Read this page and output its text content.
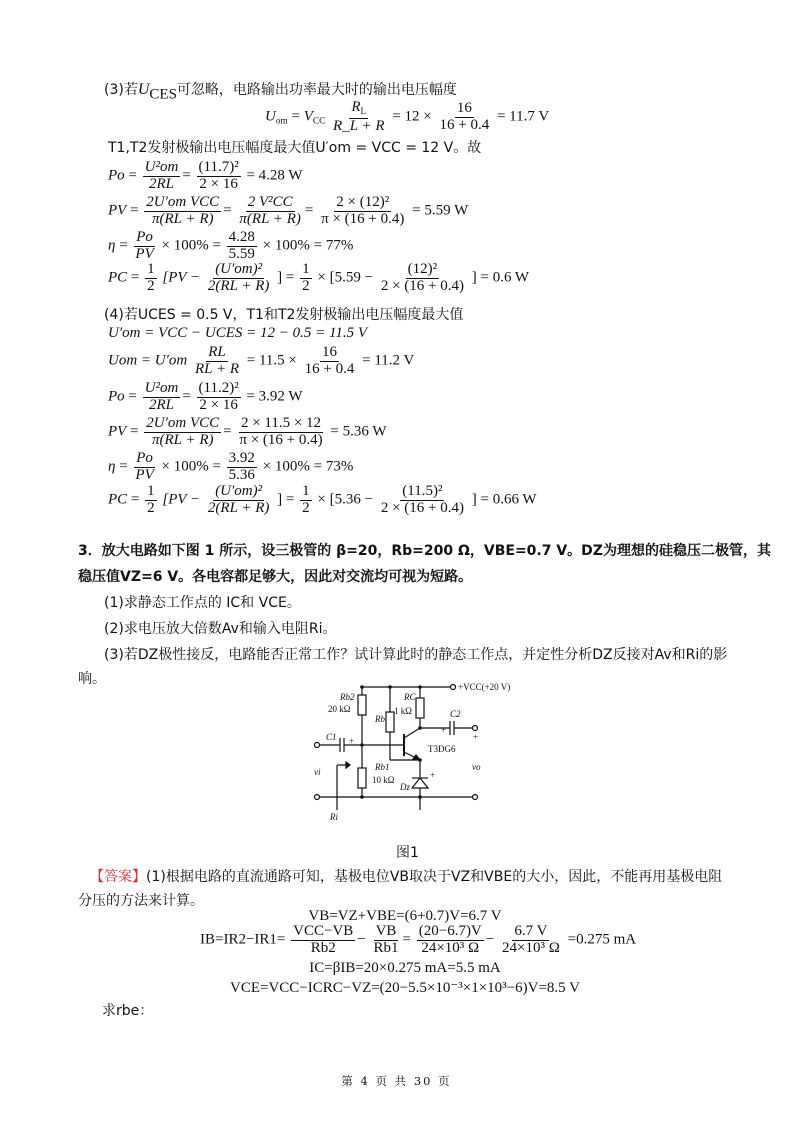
(3)若$U_{CES}$可忽略，电路输出功率最大时的输出电压幅度
$U_{om} = V_{CC} \frac{R_L}{R\_L + R} = 12 \times \frac{16}{16 + 0.4} = 11.7$ V
T1,T2发射极输出电压幅度最大值U′om = VCC = 12 V。故
$Po = \frac{\text{U²om}}{2RL} = \frac{\text{(11.7)²}}{2 \times 16} = 4.28$ W
PV = $\frac{\text{2U′om VCC}}{\pi(RL + R)} = \frac{\text{2 V²CC}}{\pi(RL + R)} = \frac{\text{2 × (12)²}}{\pi \times (16 + 0.4)} = 5.59$ W
$\eta = \frac{Po}{PV} \times 100\% = \frac{4.28}{5.59} \times 100\% = 77\%$
PC = $\frac{1}{2} [PV - \frac{\text{(U′om)²}}{2(RL + R)}$ ] = $\frac{1}{2} \times [5.59 - \frac{\text{(12)²}}{2 \times (16 + 0.4)}$ ] = 0.6 W
(4)若UCES = 0.5 V，T1和T2发射极输出电压幅度最大值
U′om = VCC − UCES = 12 − 0.5 = 11.5 V
Uom = $U'om \frac{RL}{RL + R} = 11.5 \times \frac{16}{16 + 0.4} = 11.2$ V
$Po = \frac{\text{U²om}}{2RL} = \frac{\text{(11.2)²}}{2 \times 16} = 3.92$ W
PV = $\frac{\text{2U′om VCC}}{\pi(RL + R)} = \frac{2 \times 11.5 \times 12}{\pi \times (16 + 0.4)} = 5.36$ W
$\eta = \frac{Po}{PV} \times 100\% = \frac{3.92}{5.36} \times 100\% = 73\%$
PC = $\frac{1}{2} [PV - \frac{\text{(U′om)²}}{2(RL + R)}$ ] = $\frac{1}{2} \times [5.36 - \frac{\text{(11.5)²}}{2 \times (16 + 0.4)}$ ] = 0.66 W
3．放大电路如下图 1 所示，设三极管的 β=20，Rb=200 Ω，VBE=0.7 V。DZ为理想的硅稳压二极管，其
稳压值VZ=6 V。各电容都足够大，因此对交流均可视为短路。
(1)求静态工作点的 IC和 VCE。
(2)求电压放大倍数Av和输入电阻Ri。
(3)若DZ极性接反，电路能否正常工作？试计算此时的静态工作点，并定性分析DZ反接对Av和Ri的影
响。
Rb2
20 kΩ
Rb
RC
1 kΩ
+VCC(+20 V)
C1
C2
T3DG6
Rb1
10 kΩ
Dz
vi	vo
Ri
+
+
+
+
图1
【答案】(1)根据电路的直流通路可知，基极电位VB取决于VZ和VBE的大小，因此，不能再用基极电阻
分压的方法来计算。
VB=VZ+VBE=(6+0.7)V=6.7 V
$IB=IR2-IR1= \frac{\text{VCC−VB}}{Rb2} - \frac{VB}{Rb1} = \frac{(20-6.7)V}{\text{24×10³ Ω}} - \frac{6.7 V}{\text{24×10³ Ω}} =0.275$ mA
IC=βIB=20×0.275 mA=5.5 mA
VCE=VCC−ICRC−VZ=(20−5.5×10⁻³×1×10³−6)V=8.5 V
求rbe：
第 4 页 共 30 页
